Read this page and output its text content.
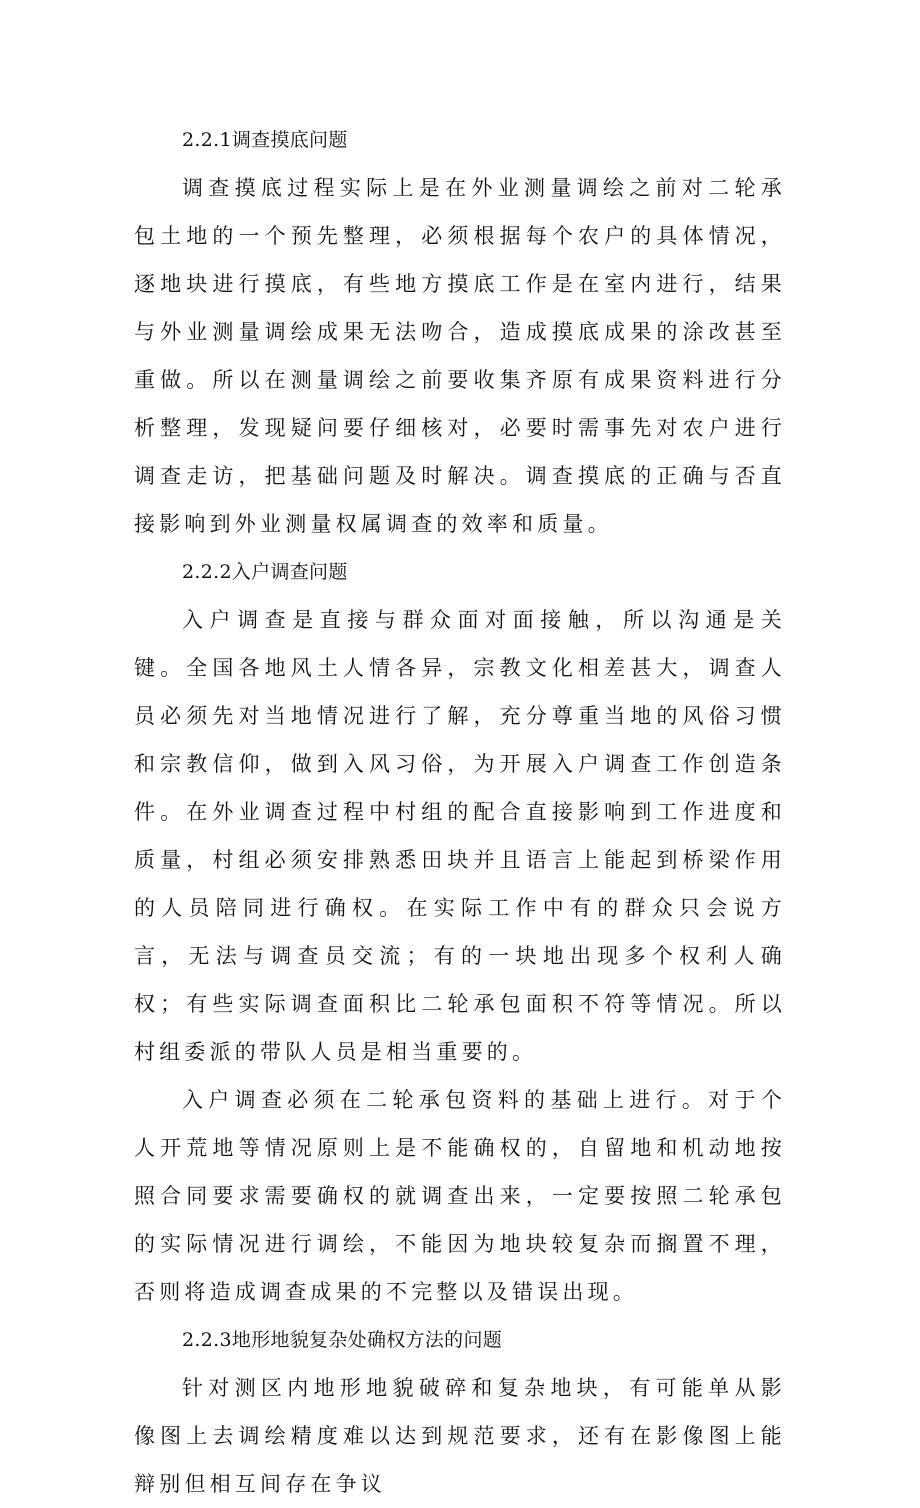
2.2.1调查摸底问题

调查摸底过程实际上是在外业测量调绘之前对二轮承包土地的一个预先整理，必须根据每个农户的具体情况，逐地块进行摸底，有些地方摸底工作是在室内进行，结果与外业测量调绘成果无法吻合，造成摸底成果的涂改甚至重做。所以在测量调绘之前要收集齐原有成果资料进行分析整理，发现疑问要仔细核对，必要时需事先对农户进行调查走访，把基础问题及时解决。调查摸底的正确与否直接影响到外业测量权属调查的效率和质量。

2.2.2入户调查问题

入户调查是直接与群众面对面接触，所以沟通是关键。全国各地风土人情各异，宗教文化相差甚大，调查人员必须先对当地情况进行了解，充分尊重当地的风俗习惯和宗教信仰，做到入风习俗，为开展入户调查工作创造条件。在外业调查过程中村组的配合直接影响到工作进度和质量，村组必须安排熟悉田块并且语言上能起到桥梁作用的人员陪同进行确权。在实际工作中有的群众只会说方言，无法与调查员交流；有的一块地出现多个权利人确权；有些实际调查面积比二轮承包面积不符等情况。所以村组委派的带队人员是相当重要的。

入户调查必须在二轮承包资料的基础上进行。对于个人开荒地等情况原则上是不能确权的，自留地和机动地按照合同要求需要确权的就调查出来，一定要按照二轮承包的实际情况进行调绘，不能因为地块较复杂而搁置不理，否则将造成调查成果的不完整以及错误出现。

2.2.3地形地貌复杂处确权方法的问题

针对测区内地形地貌破碎和复杂地块，有可能单从影像图上去调绘精度难以达到规范要求，还有在影像图上能辩别但相互间存在争议
